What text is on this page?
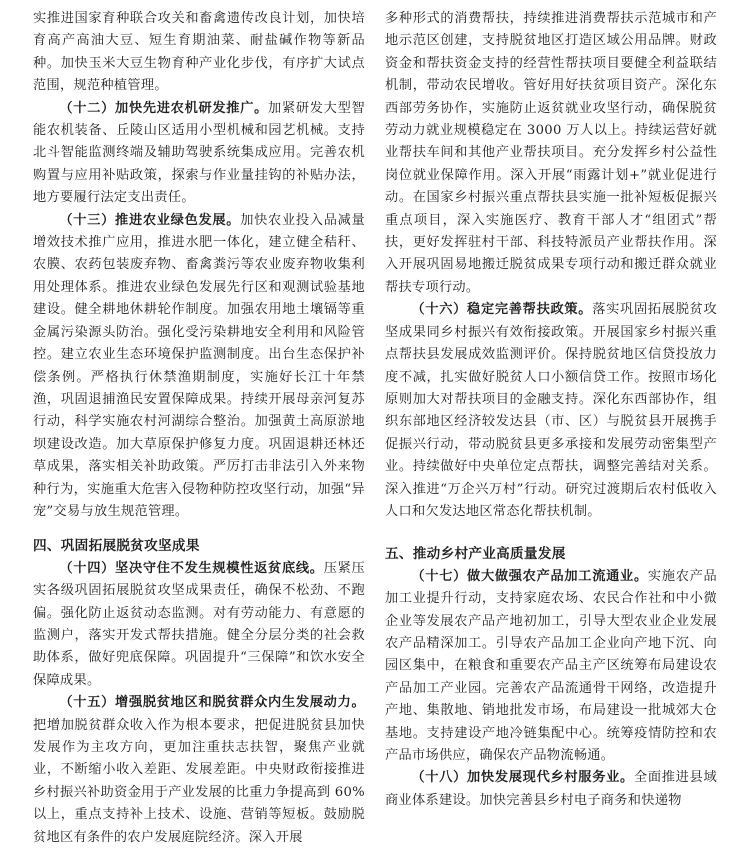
实推进国家育种联合攻关和畜禽遗传改良计划，加快培育高产高油大豆、短生育期油菜、耐盐碱作物等新品种。加快玉米大豆生物育种产业化步伐，有序扩大试点范围，规范种植管理。

（十二）加快先进农机研发推广。加紧研发大型智能农机装备、丘陵山区适用小型机械和园艺机械。支持北斗智能监测终端及辅助驾驶系统集成应用。完善农机购置与应用补贴政策，探索与作业量挂钩的补贴办法，地方要履行法定支出责任。

（十三）推进农业绿色发展。加快农业投入品减量增效技术推广应用，推进水肥一体化，建立健全秸秆、农膜、农药包装废弃物、畜禽粪污等农业废弃物收集利用处理体系。推进农业绿色发展先行区和观测试验基地建设。健全耕地休耕轮作制度。加强农用地土壤镉等重金属污染源头防治。强化受污染耕地安全利用和风险管控。建立农业生态环境保护监测制度。出台生态保护补偿条例。严格执行休禁渔期制度，实施好长江十年禁渔，巩固退捕渔民安置保障成果。持续开展母亲河复苏行动，科学实施农村河湖综合整治。加强黄土高原淤地坝建设改造。加大草原保护修复力度。巩固退耕还林还草成果，落实相关补助政策。严厉打击非法引入外来物种行为，实施重大危害入侵物种防控攻坚行动，加强“异宠”交易与放生规范管理。

四、巩固拓展脱贫攻坚成果

（十四）坚决守住不发生规模性返贫底线。压紧压实各级巩固拓展脱贫攻坚成果责任，确保不松劲、不跑偏。强化防止返贫动态监测。对有劳动能力、有意愿的监测户，落实开发式帮扶措施。健全分层分类的社会救助体系，做好兜底保障。巩固提升“三保障”和饮水安全保障成果。

（十五）增强脱贫地区和脱贫群众内生发展动力。把增加脱贫群众收入作为根本要求，把促进脱贫县加快发展作为主攻方向，更加注重扶志扶智，聚焦产业就业，不断缩小收入差距、发展差距。中央财政衔接推进乡村振兴补助资金用于产业发展的比重力争提高到 60% 以上，重点支持补上技术、设施、营销等短板。鼓励脱贫地区有条件的农户发展庭院经济。深入开展

多种形式的消费帮扶，持续推进消费帮扶示范城市和产地示范区创建，支持脱贫地区打造区域公用品牌。财政资金和帮扶资金支持的经营性帮扶项目要健全利益联结机制，带动农民增收。管好用好扶贫项目资产。深化东西部劳务协作，实施防止返贫就业攻坚行动，确保脱贫劳动力就业规模稳定在 3000 万人以上。持续运营好就业帮扶车间和其他产业帮扶项目。充分发挥乡村公益性岗位就业保障作用。深入开展“雨露计划+”就业促进行动。在国家乡村振兴重点帮扶县实施一批补短板促振兴重点项目，深入实施医疗、教育干部人才“组团式”帮扶，更好发挥驻村干部、科技特派员产业帮扶作用。深入开展巩固易地搬迁脱贫成果专项行动和搬迁群众就业帮扶专项行动。

（十六）稳定完善帮扶政策。落实巩固拓展脱贫攻坚成果同乡村振兴有效衔接政策。开展国家乡村振兴重点帮扶县发展成效监测评价。保持脱贫地区信贷投放力度不减，扎实做好脱贫人口小额信贷工作。按照市场化原则加大对帮扶项目的金融支持。深化东西部协作，组织东部地区经济较发达县（市、区）与脱贫县开展携手促振兴行动，带动脱贫县更多承接和发展劳动密集型产业。持续做好中央单位定点帮扶，调整完善结对关系。深入推进“万企兴万村”行动。研究过渡期后农村低收入人口和欠发达地区常态化帮扶机制。

五、推动乡村产业高质量发展

（十七）做大做强农产品加工流通业。实施农产品加工业提升行动，支持家庭农场、农民合作社和中小微企业等发展农产品产地初加工，引导大型农业企业发展农产品精深加工。引导农产品加工企业向产地下沉、向园区集中，在粮食和重要农产品主产区统筹布局建设农产品加工产业园。完善农产品流通骨干网络，改造提升产地、集散地、销地批发市场，布局建设一批城郊大仓基地。支持建设产地冷链集配中心。统筹疫情防控和农产品市场供应，确保农产品物流畅通。

（十八）加快发展现代乡村服务业。全面推进县域商业体系建设。加快完善县乡村电子商务和快递物
